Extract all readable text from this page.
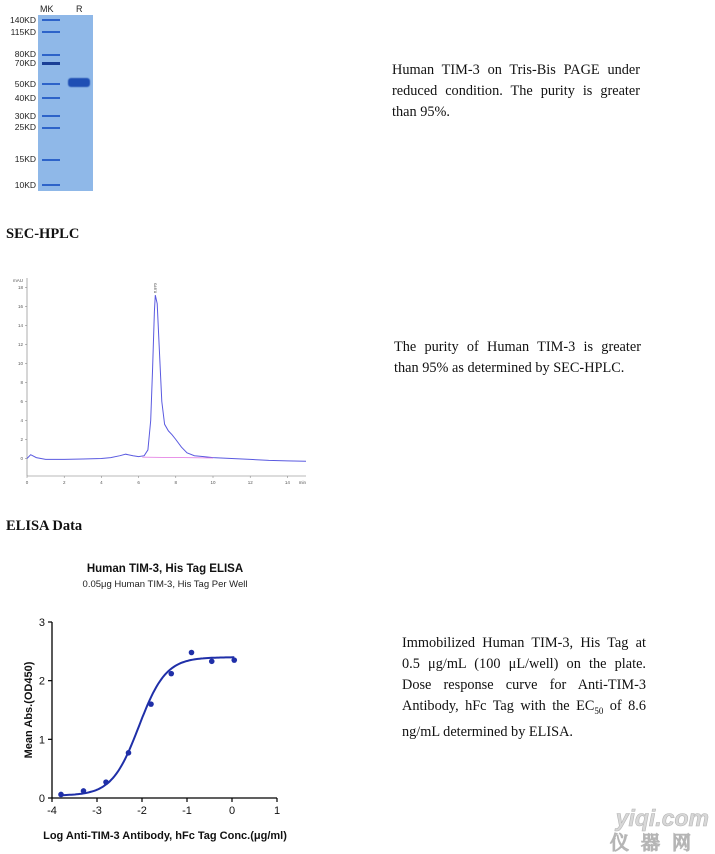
MK	R
140KD
115KD
80KD
70KD
50KD
40KD
30KD
25KD
15KD
10KD
Human TIM-3 on Tris-Bis PAGE under reduced condition. The purity is greater than 95%.
SEC-HPLC
mAU
0
2
4
6
8
10
12
14
16
18
0	2	4	6	8	10	12	14 min
6.870
The purity of Human TIM-3 is greater than 95% as determined by SEC-HPLC.
ELISA Data
Human TIM-3, His Tag ELISA
0.05μg Human TIM-3, His Tag Per Well
0
1
2
3
-4	-3	-2	-1	0	1
Log Anti-TIM-3 Antibody, hFc Tag Conc.(μg/ml)
Mean Abs.(OD450)
Immobilized Human TIM-3, His Tag at 0.5 μg/mL (100 μL/well) on the plate. Dose response curve for Anti-TIM-3 Antibody, hFc Tag with the $EC_{50}$ of 8.6 ng/mL determined by ELISA.
yiqi.com
仪器网
